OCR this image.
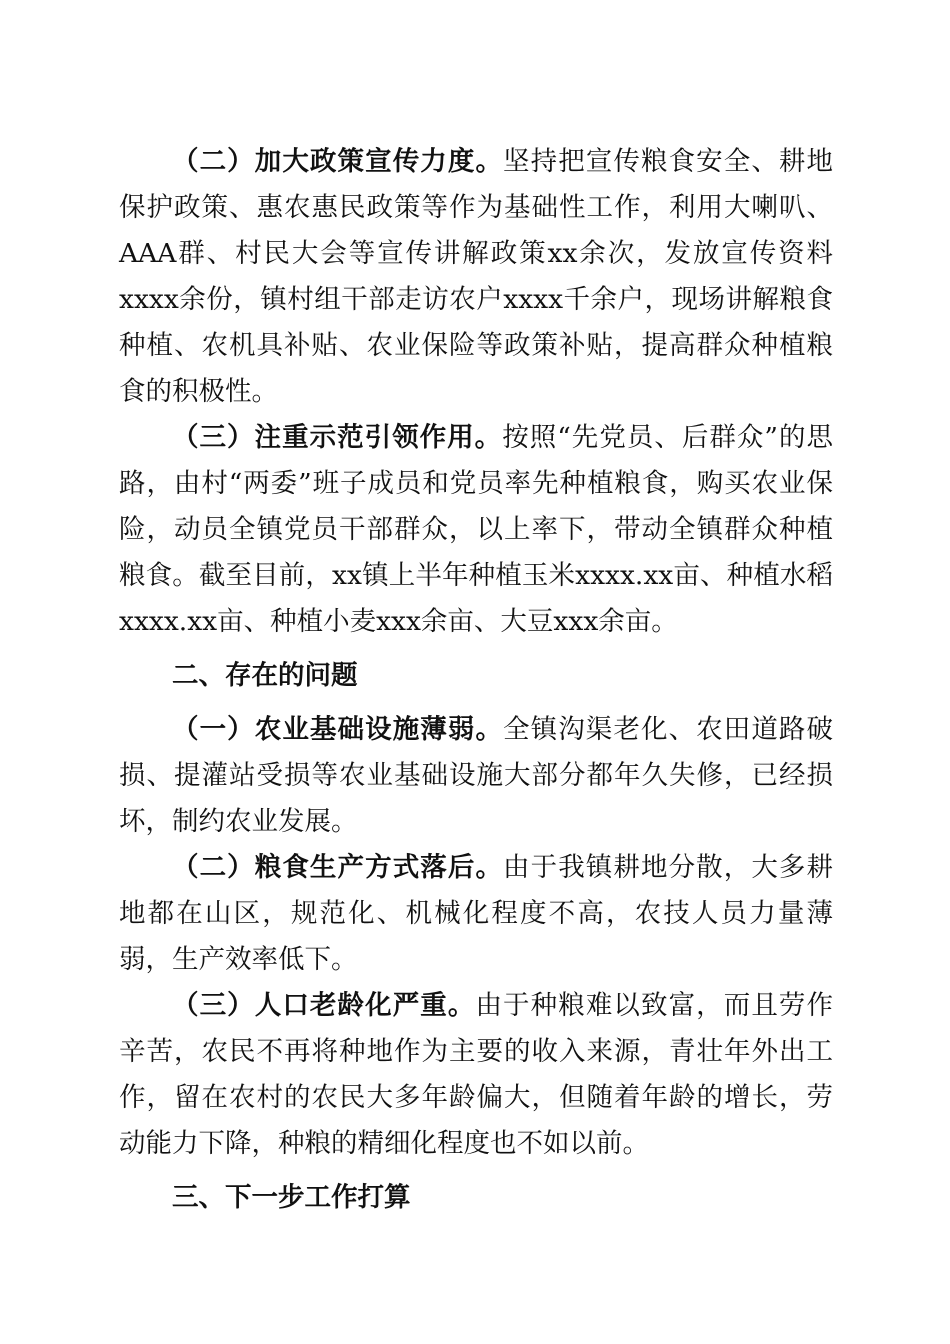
（二）加大政策宣传力度。坚持把宣传粮食安全、耕地保护政策、惠农惠民政策等作为基础性工作，利用大喇叭、AAA群、村民大会等宣传讲解政策xx余次，发放宣传资料xxxx余份，镇村组干部走访农户xxxx千余户，现场讲解粮食种植、农机具补贴、农业保险等政策补贴，提高群众种植粮食的积极性。

（三）注重示范引领作用。按照“先党员、后群众”的思路，由村“两委”班子成员和党员率先种植粮食，购买农业保险，动员全镇党员干部群众，以上率下，带动全镇群众种植粮食。截至目前，xx镇上半年种植玉米xxxx.xx亩、种植水稻xxxx.xx亩、种植小麦xxx余亩、大豆xxx余亩。

二、存在的问题

（一）农业基础设施薄弱。全镇沟渠老化、农田道路破损、提灌站受损等农业基础设施大部分都年久失修，已经损坏，制约农业发展。

（二）粮食生产方式落后。由于我镇耕地分散，大多耕地都在山区，规范化、机械化程度不高，农技人员力量薄弱，生产效率低下。

（三）人口老龄化严重。由于种粮难以致富，而且劳作辛苦，农民不再将种地作为主要的收入来源，青壮年外出工作，留在农村的农民大多年龄偏大，但随着年龄的增长，劳动能力下降，种粮的精细化程度也不如以前。

三、下一步工作打算
